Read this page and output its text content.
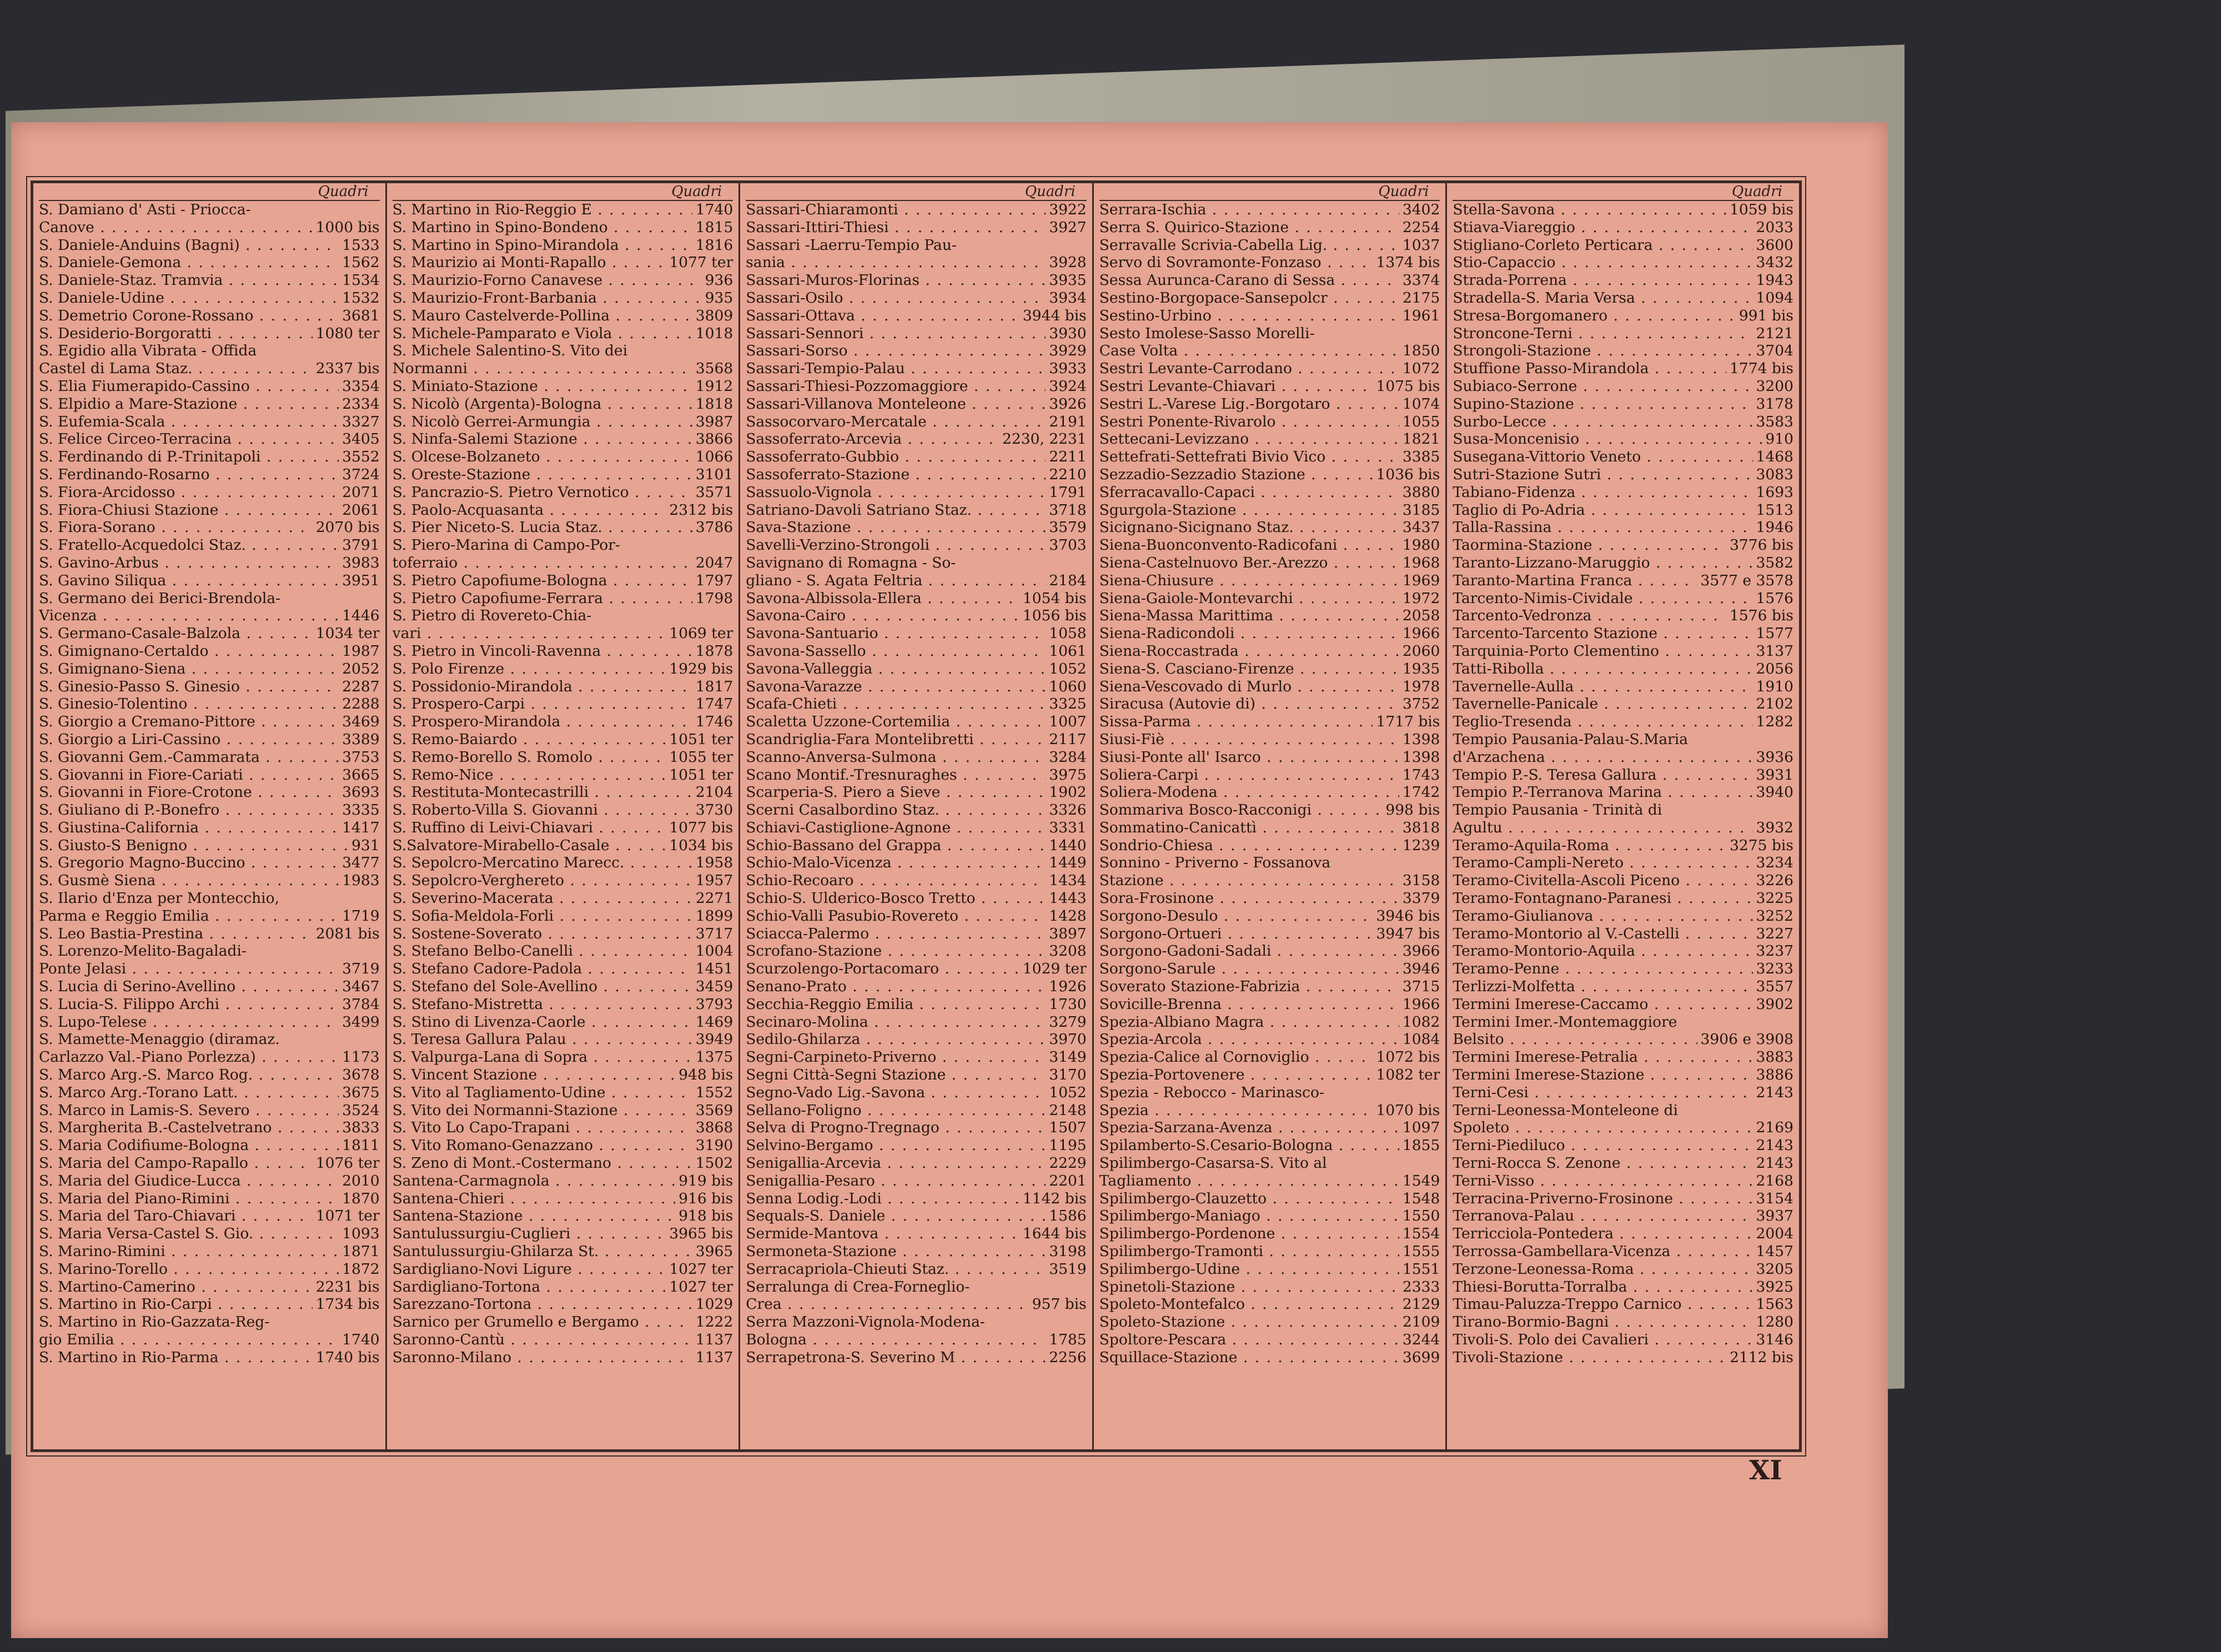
Quadri
S. Damiano d' Asti - Priocca-
Canove . . .	1000 bis
S. Daniele-Anduins (Bagni) . . .	1533
S. Daniele-Gemona . . .	1562
S. Daniele-Staz. Tramvia . . .	1534
S. Daniele-Udine . . .	1532
S. Demetrio Corone-Rossano . . .	3681
S. Desiderio-Borgoratti . . .	1080 ter
S. Egidio alla Vibrata - Offida
Castel di Lama Staz. . . .	2337 bis
S. Elia Fiumerapido-Cassino . . .	3354
S. Elpidio a Mare-Stazione . . .	2334
S. Eufemia-Scala . . .	3327
S. Felice Circeo-Terracina . . .	3405
S. Ferdinando di P.-Trinitapoli . . .	3552
S. Ferdinando-Rosarno . . .	3724
S. Fiora-Arcidosso . . .	2071
S. Fiora-Chiusi Stazione . . .	2061
S. Fiora-Sorano . . .	2070 bis
S. Fratello-Acquedolci Staz. . . .	3791
S. Gavino-Arbus . . .	3983
S. Gavino Siliqua . . .	3951
S. Germano dei Berici-Brendola-
Vicenza . . .	1446
S. Germano-Casale-Balzola . . .	1034 ter
S. Gimignano-Certaldo . . .	1987
S. Gimignano-Siena . . .	2052
S. Ginesio-Passo S. Ginesio . . .	2287
S. Ginesio-Tolentino . . .	2288
S. Giorgio a Cremano-Pittore . . .	3469
S. Giorgio a Liri-Cassino . . .	3389
S. Giovanni Gem.-Cammarata . . .	3753
S. Giovanni in Fiore-Cariati . . .	3665
S. Giovanni in Fiore-Crotone . . .	3693
S. Giuliano di P.-Bonefro . . .	3335
S. Giustina-California . . .	1417
S. Giusto-S Benigno . . .	931
S. Gregorio Magno-Buccino . . .	3477
S. Gusmè Siena . . .	1983
S. Ilario d'Enza per Montecchio,
Parma e Reggio Emilia . . .	1719
S. Leo Bastia-Prestina . . .	2081 bis
S. Lorenzo-Melito-Bagaladi-
Ponte Jelasi . . .	3719
S. Lucia di Serino-Avellino . . .	3467
S. Lucia-S. Filippo Archi . . .	3784
S. Lupo-Telese . . .	3499
S. Mamette-Menaggio (diramaz.
Carlazzo Val.-Piano Porlezza) . . .	1173
S. Marco Arg.-S. Marco Rog. . . .	3678
S. Marco Arg.-Torano Latt. . . .	3675
S. Marco in Lamis-S. Severo . . .	3524
S. Margherita B.-Castelvetrano . . .	3833
S. Maria Codifiume-Bologna . . .	1811
S. Maria del Campo-Rapallo . . .	1076 ter
S. Maria del Giudice-Lucca . . .	2010
S. Maria del Piano-Rimini . . .	1870
S. Maria del Taro-Chiavari . . .	1071 ter
S. Maria Versa-Castel S. Gio. . . .	1093
S. Marino-Rimini . . .	1871
S. Marino-Torello . . .	1872
S. Martino-Camerino . . .	2231 bis
S. Martino in Rio-Carpi . . .	1734 bis
S. Martino in Rio-Gazzata-Reg-
gio Emilia . . .	1740
S. Martino in Rio-Parma . . .	1740 bis
Quadri
S. Martino in Rio-Reggio E . . .	1740
S. Martino in Spino-Bondeno . . .	1815
S. Martino in Spino-Mirandola . . .	1816
S. Maurizio ai Monti-Rapallo . . .	1077 ter
S. Maurizio-Forno Canavese . . .	936
S. Maurizio-Front-Barbania . . .	935
S. Mauro Castelverde-Pollina . . .	3809
S. Michele-Pamparato e Viola . . .	1018
S. Michele Salentino-S. Vito dei
Normanni . . .	3568
S. Miniato-Stazione . . .	1912
S. Nicolò (Argenta)-Bologna . . .	1818
S. Nicolò Gerrei-Armungia . . .	3987
S. Ninfa-Salemi Stazione . . .	3866
S. Olcese-Bolzaneto . . .	1066
S. Oreste-Stazione . . .	3101
S. Pancrazio-S. Pietro Vernotico . . .	3571
S. Paolo-Acquasanta . . .	2312 bis
S. Pier Niceto-S. Lucia Staz. . . .	3786
S. Piero-Marina di Campo-Por-
toferraio . . .	2047
S. Pietro Capofiume-Bologna . . .	1797
S. Pietro Capofiume-Ferrara . . .	1798
S. Pietro di Rovereto-Chia-
vari . . .	1069 ter
S. Pietro in Vincoli-Ravenna . . .	1878
S. Polo Firenze . . .	1929 bis
S. Possidonio-Mirandola . . .	1817
S. Prospero-Carpi . . .	1747
S. Prospero-Mirandola . . .	1746
S. Remo-Baiardo . . .	1051 ter
S. Remo-Borello S. Romolo . . .	1055 ter
S. Remo-Nice . . .	1051 ter
S. Restituta-Montecastrilli . . .	2104
S. Roberto-Villa S. Giovanni . . .	3730
S. Ruffino di Leivi-Chiavari . . .	1077 bis
S.Salvatore-Mirabello-Casale . . .	1034 bis
S. Sepolcro-Mercatino Marecc. . . .	1958
S. Sepolcro-Verghereto . . .	1957
S. Severino-Macerata . . .	2271
S. Sofia-Meldola-Forli . . .	1899
S. Sostene-Soverato . . .	3717
S. Stefano Belbo-Canelli . . .	1004
S. Stefano Cadore-Padola . . .	1451
S. Stefano del Sole-Avellino . . .	3459
S. Stefano-Mistretta . . .	3793
S. Stino di Livenza-Caorle . . .	1469
S. Teresa Gallura Palau . . .	3949
S. Valpurga-Lana di Sopra . . .	1375
S. Vincent Stazione . . .	948 bis
S. Vito al Tagliamento-Udine . . .	1552
S. Vito dei Normanni-Stazione . . .	3569
S. Vito Lo Capo-Trapani . . .	3868
S. Vito Romano-Genazzano . . .	3190
S. Zeno di Mont.-Costermano . . .	1502
Santena-Carmagnola . . .	919 bis
Santena-Chieri . . .	916 bis
Santena-Stazione . . .	918 bis
Santulussurgiu-Cuglieri . . .	3965 bis
Santulussurgiu-Ghilarza St. . . .	3965
Sardigliano-Novi Ligure . . .	1027 ter
Sardigliano-Tortona . . .	1027 ter
Sarezzano-Tortona . . .	1029
Sarnico per Grumello e Bergamo . . .	1222
Saronno-Cantù . . .	1137
Saronno-Milano . . .	1137
Quadri
Sassari-Chiaramonti . . .	3922
Sassari-Ittiri-Thiesi . . .	3927
Sassari -Laerru-Tempio Pau-
sania . . .	3928
Sassari-Muros-Florinas . . .	3935
Sassari-Osilo . . .	3934
Sassari-Ottava . . .	3944 bis
Sassari-Sennori . . .	3930
Sassari-Sorso . . .	3929
Sassari-Tempio-Palau . . .	3933
Sassari-Thiesi-Pozzomaggiore . . .	3924
Sassari-Villanova Monteleone . . .	3926
Sassocorvaro-Mercatale . . .	2191
Sassoferrato-Arcevia . . .	2230, 2231
Sassoferrato-Gubbio . . .	2211
Sassoferrato-Stazione . . .	2210
Sassuolo-Vignola . . .	1791
Satriano-Davoli Satriano Staz. . . .	3718
Sava-Stazione . . .	3579
Savelli-Verzino-Strongoli . . .	3703
Savignano di Romagna - So-
gliano - S. Agata Feltria . . .	2184
Savona-Albissola-Ellera . . .	1054 bis
Savona-Cairo . . .	1056 bis
Savona-Santuario . . .	1058
Savona-Sassello . . .	1061
Savona-Valleggia . . .	1052
Savona-Varazze . . .	1060
Scafa-Chieti . . .	3325
Scaletta Uzzone-Cortemilia . . .	1007
Scandriglia-Fara Montelibretti . . .	2117
Scanno-Anversa-Sulmona . . .	3284
Scano Montif.-Tresnuraghes . . .	3975
Scarperia-S. Piero a Sieve . . .	1902
Scerni Casalbordino Staz. . . .	3326
Schiavi-Castiglione-Agnone . . .	3331
Schio-Bassano del Grappa . . .	1440
Schio-Malo-Vicenza . . .	1449
Schio-Recoaro . . .	1434
Schio-S. Ulderico-Bosco Tretto . . .	1443
Schio-Valli Pasubio-Rovereto . . .	1428
Sciacca-Palermo . . .	3897
Scrofano-Stazione . . .	3208
Scurzolengo-Portacomaro . . .	1029 ter
Senano-Prato . . .	1926
Secchia-Reggio Emilia . . .	1730
Secinaro-Molina . . .	3279
Sedilo-Ghilarza . . .	3970
Segni-Carpineto-Priverno . . .	3149
Segni Città-Segni Stazione . . .	3170
Segno-Vado Lig.-Savona . . .	1052
Sellano-Foligno . . .	2148
Selva di Progno-Tregnago . . .	1507
Selvino-Bergamo . . .	1195
Senigallia-Arcevia . . .	2229
Senigallia-Pesaro . . .	2201
Senna Lodig.-Lodi . . .	1142 bis
Sequals-S. Daniele . . .	1586
Sermide-Mantova . . .	1644 bis
Sermoneta-Stazione . . .	3198
Serracapriola-Chieuti Staz. . . .	3519
Serralunga di Crea-Forneglio-
Crea . . .	957 bis
Serra Mazzoni-Vignola-Modena-
Bologna . . .	1785
Serrapetrona-S. Severino M . . .	2256
Quadri
Serrara-Ischia . . .	3402
Serra S. Quirico-Stazione . . .	2254
Serravalle Scrivia-Cabella Lig. . . .	1037
Servo di Sovramonte-Fonzaso . . .	1374 bis
Sessa Aurunca-Carano di Sessa . . .	3374
Sestino-Borgopace-Sansepolcr . . .	2175
Sestino-Urbino . . .	1961
Sesto Imolese-Sasso Morelli-
Case Volta . . .	1850
Sestri Levante-Carrodano . . .	1072
Sestri Levante-Chiavari . . .	1075 bis
Sestri L.-Varese Lig.-Borgotaro . . .	1074
Sestri Ponente-Rivarolo . . .	1055
Settecani-Levizzano . . .	1821
Settefrati-Settefrati Bivio Vico . . .	3385
Sezzadio-Sezzadio Stazione . . .	1036 bis
Sferracavallo-Capaci . . .	3880
Sgurgola-Stazione . . .	3185
Sicignano-Sicignano Staz. . . .	3437
Siena-Buonconvento-Radicofani . . .	1980
Siena-Castelnuovo Ber.-Arezzo . . .	1968
Siena-Chiusure . . .	1969
Siena-Gaiole-Montevarchi . . .	1972
Siena-Massa Marittima . . .	2058
Siena-Radicondoli . . .	1966
Siena-Roccastrada . . .	2060
Siena-S. Casciano-Firenze . . .	1935
Siena-Vescovado di Murlo . . .	1978
Siracusa (Autovie di) . . .	3752
Sissa-Parma . . .	1717 bis
Siusi-Fiè . . .	1398
Siusi-Ponte all' Isarco . . .	1398
Soliera-Carpi . . .	1743
Soliera-Modena . . .	1742
Sommariva Bosco-Racconigi . . .	998 bis
Sommatino-Canicattì . . .	3818
Sondrio-Chiesa . . .	1239
Sonnino - Priverno - Fossanova
Stazione . . .	3158
Sora-Frosinone . . .	3379
Sorgono-Desulo . . .	3946 bis
Sorgono-Ortueri . . .	3947 bis
Sorgono-Gadoni-Sadali . . .	3966
Sorgono-Sarule . . .	3946
Soverato Stazione-Fabrizia . . .	3715
Sovicille-Brenna . . .	1966
Spezia-Albiano Magra . . .	1082
Spezia-Arcola . . .	1084
Spezia-Calice al Cornoviglio . . .	1072 bis
Spezia-Portovenere . . .	1082 ter
Spezia - Rebocco - Marinasco-
Spezia . . .	1070 bis
Spezia-Sarzana-Avenza . . .	1097
Spilamberto-S.Cesario-Bologna . . .	1855
Spilimbergo-Casarsa-S. Vito al
Tagliamento . . .	1549
Spilimbergo-Clauzetto . . .	1548
Spilimbergo-Maniago . . .	1550
Spilimbergo-Pordenone . . .	1554
Spilimbergo-Tramonti . . .	1555
Spilimbergo-Udine . . .	1551
Spinetoli-Stazione . . .	2333
Spoleto-Montefalco . . .	2129
Spoleto-Stazione . . .	2109
Spoltore-Pescara . . .	3244
Squillace-Stazione . . .	3699
Quadri
Stella-Savona . . .	1059 bis
Stiava-Viareggio . . .	2033
Stigliano-Corleto Perticara . . .	3600
Stio-Capaccio . . .	3432
Strada-Porrena . . .	1943
Stradella-S. Maria Versa . . .	1094
Stresa-Borgomanero . . .	991 bis
Stroncone-Terni . . .	2121
Strongoli-Stazione . . .	3704
Stuffione Passo-Mirandola . . .	1774 bis
Subiaco-Serrone . . .	3200
Supino-Stazione . . .	3178
Surbo-Lecce . . .	3583
Susa-Moncenisio . . .	910
Susegana-Vittorio Veneto . . .	1468
Sutri-Stazione Sutri . . .	3083
Tabiano-Fidenza . . .	1693
Taglio di Po-Adria . . .	1513
Talla-Rassina . . .	1946
Taormina-Stazione . . .	3776 bis
Taranto-Lizzano-Maruggio . . .	3582
Taranto-Martina Franca . . .	3577 e 3578
Tarcento-Nimis-Cividale . . .	1576
Tarcento-Vedronza . . .	1576 bis
Tarcento-Tarcento Stazione . . .	1577
Tarquinia-Porto Clementino . . .	3137
Tatti-Ribolla . . .	2056
Tavernelle-Aulla . . .	1910
Tavernelle-Panicale . . .	2102
Teglio-Tresenda . . .	1282
Tempio Pausania-Palau-S.Maria
d'Arzachena . . .	3936
Tempio P.-S. Teresa Gallura . . .	3931
Tempio P.-Terranova Marina . . .	3940
Tempio Pausania - Trinità di
Agultu . . .	3932
Teramo-Aquila-Roma . . .	3275 bis
Teramo-Campli-Nereto . . .	3234
Teramo-Civitella-Ascoli Piceno . . .	3226
Teramo-Fontagnano-Paranesi . . .	3225
Teramo-Giulianova . . .	3252
Teramo-Montorio al V.-Castelli . . .	3227
Teramo-Montorio-Aquila . . .	3237
Teramo-Penne . . .	3233
Terlizzi-Molfetta . . .	3557
Termini Imerese-Caccamo . . .	3902
Termini Imer.-Montemaggiore
Belsito . . .	3906 e 3908
Termini Imerese-Petralia . . .	3883
Termini Imerese-Stazione . . .	3886
Terni-Cesi . . .	2143
Terni-Leonessa-Monteleone di
Spoleto . . .	2169
Terni-Piediluco . . .	2143
Terni-Rocca S. Zenone . . .	2143
Terni-Visso . . .	2168
Terracina-Priverno-Frosinone . . .	3154
Terranova-Palau . . .	3937
Terricciola-Pontedera . . .	2004
Terrossa-Gambellara-Vicenza . . .	1457
Terzone-Leonessa-Roma . . .	3205
Thiesi-Borutta-Torralba . . .	3925
Timau-Paluzza-Treppo Carnico . . .	1563
Tirano-Bormio-Bagni . . .	1280
Tivoli-S. Polo dei Cavalieri . . .	3146
Tivoli-Stazione . . .	2112 bis
XI
